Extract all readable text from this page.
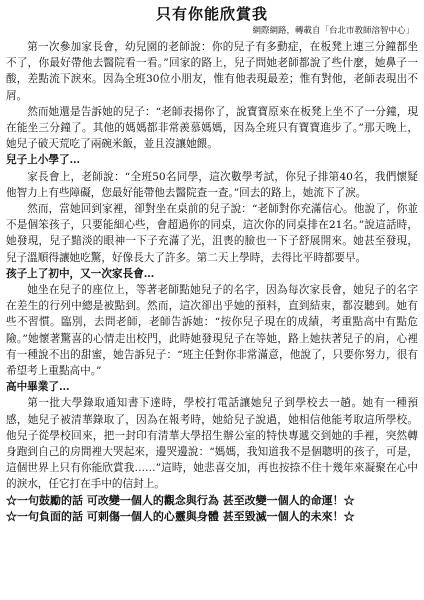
只有你能欣賞我

網際網路，轉載自「台北市教師溶智中心」

第一次參加家長會，幼兒園的老師說：你的兒子有多動症，在板凳上連三分鐘都坐不了，你最好帶他去醫院看一看。”回家的路上，兒子問她老師都說了些什麼，她鼻子一酸，差點流下淚來。因為全班30位小朋友，惟有他表現最差；惟有對他，老師表現出不屑。

然而她還是告訴她的兒子：“老師表揚你了，說寶寶原來在板凳上坐不了一分鐘，現在能坐三分鐘了。其他的媽媽都非常羨慕媽媽，因為全班只有寶寶進步了。”那天晚上，她兒子破天荒吃了兩碗米飯，並且沒讓她餵。

兒子上小學了…

家長會上，老師說：“全班50名同學，這次數學考試，你兒子排第40名，我們懷疑他智力上有些障礙，您最好能帶他去醫院查一查。”回去的路上，她流下了淚。

然而，當她回到家裡，卻對坐在桌前的兒子說：“老師對你充滿信心。他說了，你並不是個笨孩子，只要能細心些，會超過你的同桌，這次你的同桌排在21名。”說這話時，她發現，兒子黯淡的眼神一下子充滿了光，沮喪的臉也一下子舒展開來。她甚至發現，兒子溫順得讓她吃驚，好像長大了許多。第二天上學時，去得比平時都要早。

孩子上了初中，又一次家長會…

她坐在兒子的座位上，等著老師點她兒子的名字，因為每次家長會，她兒子的名字在差生的行列中總是被點到。然而，這次卻出乎她的預料，直到結束，都沒聽到。她有些不習慣。臨別，去問老師，老師告訴她：“按你兒子現在的成績，考重點高中有點危險。”她懷著驚喜的心情走出校門，此時她發現兒子在等她，路上她扶著兒子的肩，心裡有一種說不出的甜蜜，她告訴兒子：“班主任對你非常滿意，他說了，只要你努力，很有希望考上重點高中。”

高中畢業了…

第一批大學錄取通知書下達時，學校打電話讓她兒子到學校去一趟。她有一種預感，她兒子被清華錄取了，因為在報考時，她給兒子說過，她相信他能考取這所學校。他兒子從學校回來，把一封印有清華大學招生辦公室的特快專遞交到她的手裡，突然轉身跑到自己的房間裡大哭起來，邊哭邊說：“媽媽，我知道我不是個聰明的孩子，可是，這個世界上只有你能欣賞我……”這時，她悲喜交加，再也按捺不住十幾年來凝聚在心中的淚水，任它打在手中的信封上。

☆一句鼓勵的話 可改變一個人的觀念與行為 甚至改變一個人的命運！☆

☆一句負面的話 可刺傷一個人的心靈與身體 甚至毀滅一個人的未來！☆
